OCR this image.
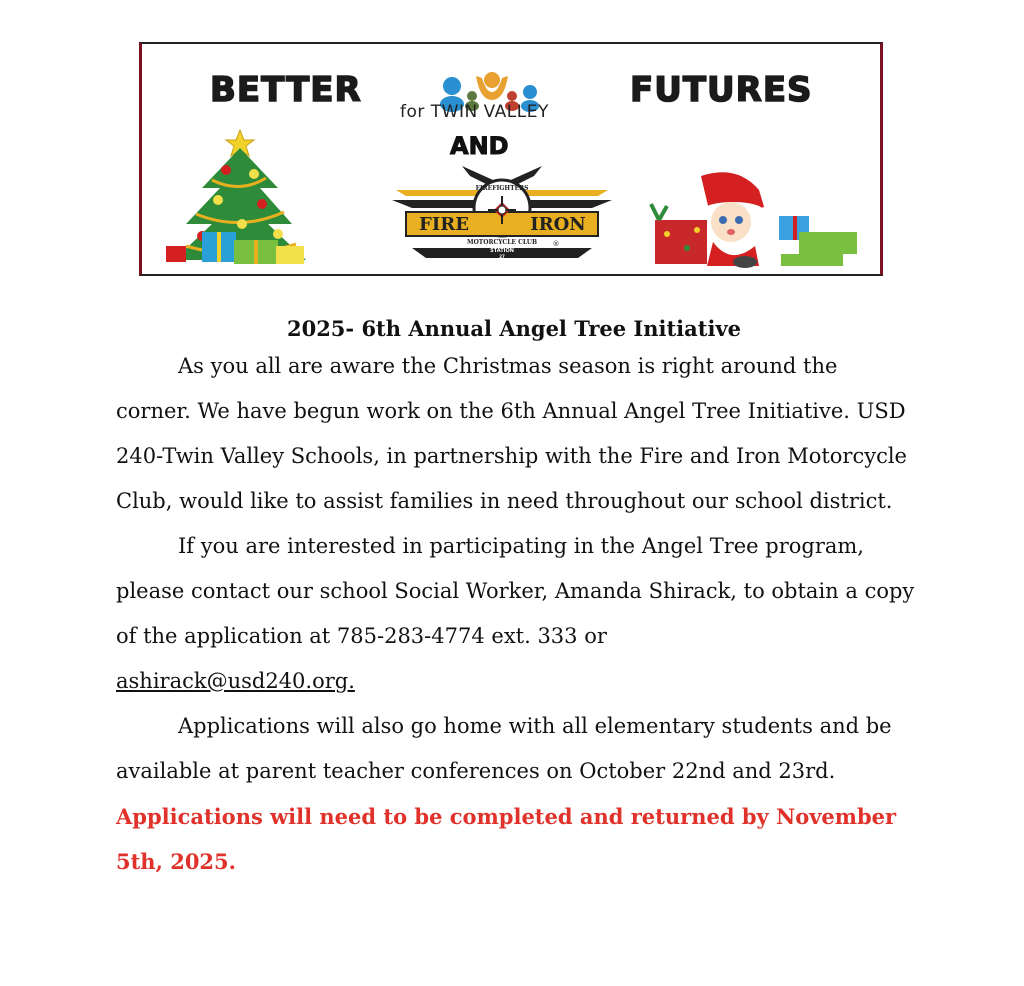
BETTER	FUTURES
for TWIN VALLEY
AND
FIREFIGHTERS
FIRE	IRON
MOTORCYCLE CLUB
STATION
27
®

2025- 6th Annual Angel Tree Initiative

As you all are aware the Christmas season is right around the corner. We have begun work on the 6th Annual Angel Tree Initiative. USD 240-Twin Valley Schools, in partnership with the Fire and Iron Motorcycle Club, would like to assist families in need throughout our school district.

If you are interested in participating in the Angel Tree program, please contact our school Social Worker, Amanda Shirack, to obtain a copy of the application at 785-283-4774 ext. 333 or
ashirack@usd240.org.

Applications will also go home with all elementary students and be available at parent teacher conferences on October 22nd and 23rd.

Applications will need to be completed and returned by November 5th, 2025.
